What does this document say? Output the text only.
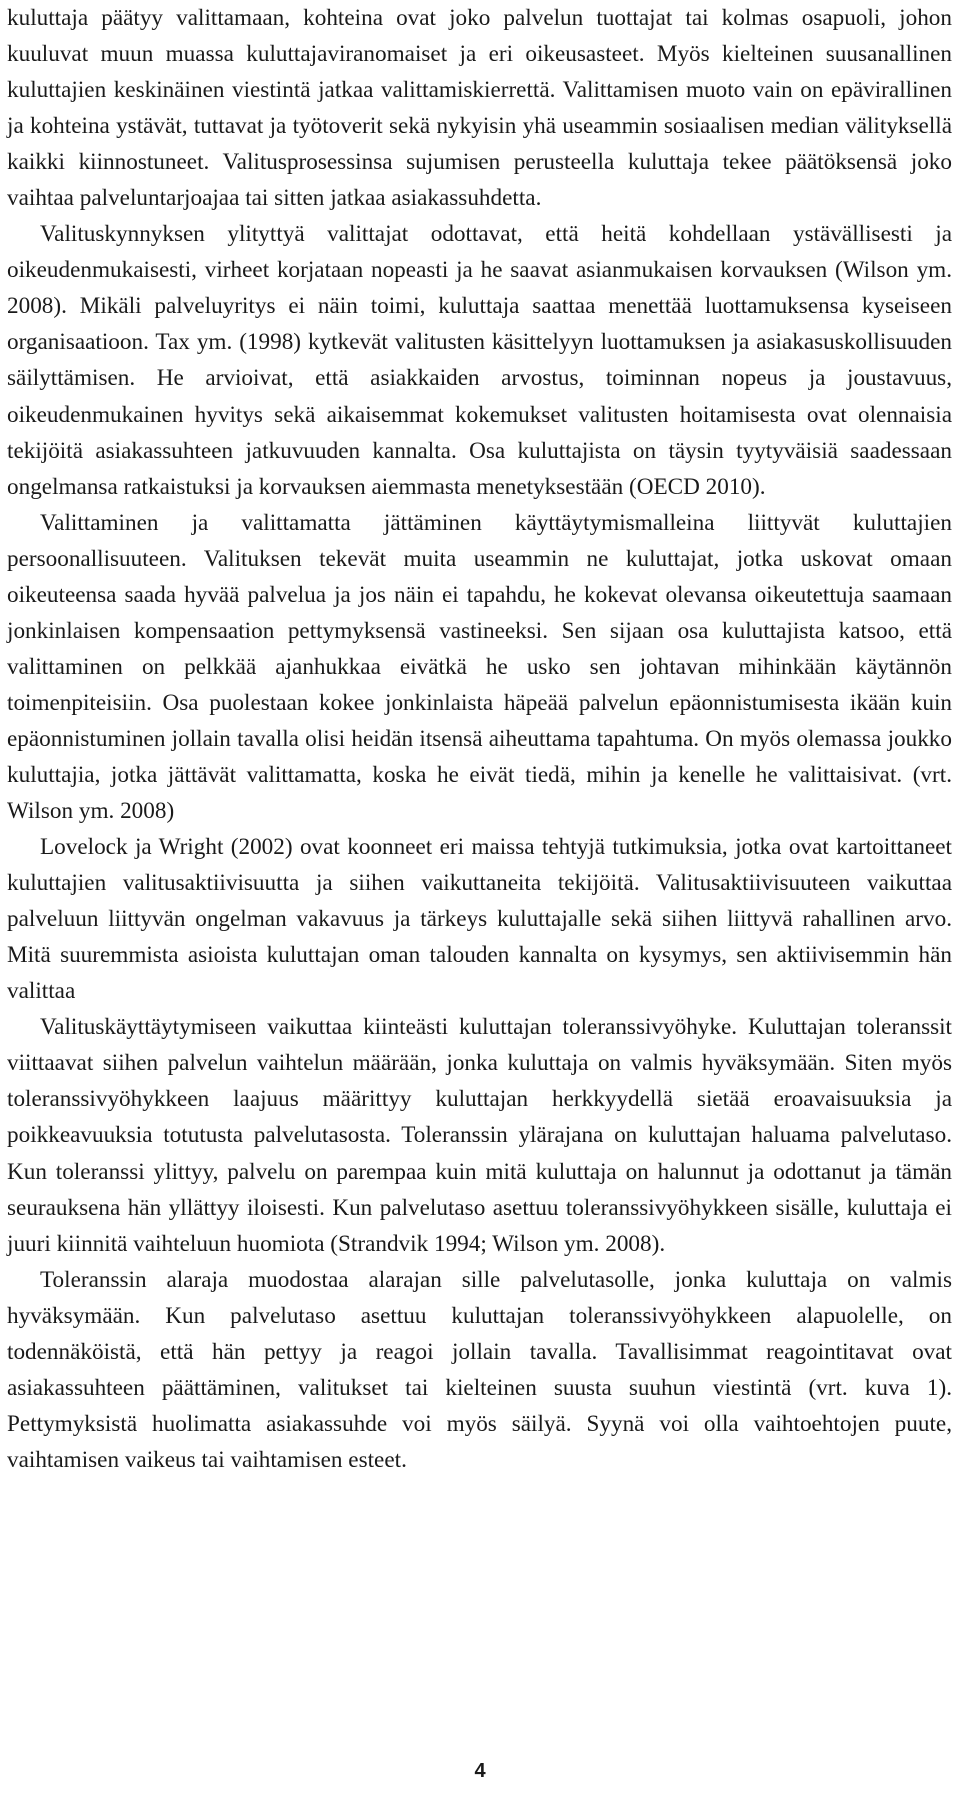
kuluttaja päätyy valittamaan, kohteina ovat joko palvelun tuottajat tai kolmas osapuoli, johon kuuluvat muun muassa kuluttajaviranomaiset ja eri oikeusasteet. Myös kielteinen suusanallinen kuluttajien keskinäinen viestintä jatkaa valittamiskierrettä. Valittamisen muoto vain on epävirallinen ja kohteina ystävät, tuttavat ja työtoverit sekä nykyisin yhä useammin sosiaalisen median välityksellä kaikki kiinnostuneet. Valitusprosessinsa sujumisen perusteella kuluttaja tekee päätöksensä joko vaihtaa palveluntarjoajaa tai sitten jatkaa asiakassuhdetta.

Valituskynnyksen ylityttyä valittajat odottavat, että heitä kohdellaan ystävällisesti ja oikeudenmukaisesti, virheet korjataan nopeasti ja he saavat asianmukaisen korvauksen (Wilson ym. 2008). Mikäli palveluyritys ei näin toimi, kuluttaja saattaa menettää luottamuksensa kyseiseen organisaatioon. Tax ym. (1998) kytkevät valitusten käsittelyyn luottamuksen ja asiakasuskollisuuden säilyttämisen. He arvioivat, että asiakkaiden arvostus, toiminnan nopeus ja joustavuus, oikeudenmukainen hyvitys sekä aikaisemmat kokemukset valitusten hoitamisesta ovat olennaisia tekijöitä asiakassuhteen jatkuvuuden kannalta. Osa kuluttajista on täysin tyytyväisiä saadessaan ongelmansa ratkaistuksi ja korvauksen aiemmasta menetyksestään (OECD 2010).

Valittaminen ja valittamatta jättäminen käyttäytymismalleina liittyvät kuluttajien persoonallisuuteen. Valituksen tekevät muita useammin ne kuluttajat, jotka uskovat omaan oikeuteensa saada hyvää palvelua ja jos näin ei tapahdu, he kokevat olevansa oikeutettuja saamaan jonkinlaisen kompensaation pettymyksensä vastineeksi. Sen sijaan osa kuluttajista katsoo, että valittaminen on pelkkää ajanhukkaa eivätkä he usko sen johtavan mihinkään käytännön toimenpiteisiin. Osa puolestaan kokee jonkinlaista häpeää palvelun epäonnistumisesta ikään kuin epäonnistuminen jollain tavalla olisi heidän itsensä aiheuttama tapahtuma. On myös olemassa joukko kuluttajia, jotka jättävät valittamatta, koska he eivät tiedä, mihin ja kenelle he valittaisivat. (vrt. Wilson ym. 2008)

Lovelock ja Wright (2002) ovat koonneet eri maissa tehtyjä tutkimuksia, jotka ovat kartoittaneet kuluttajien valitusaktiivisuutta ja siihen vaikuttaneita tekijöitä. Valitusaktiivisuuteen vaikuttaa palveluun liittyvän ongelman vakavuus ja tärkeys kuluttajalle sekä siihen liittyvä rahallinen arvo. Mitä suuremmista asioista kuluttajan oman talouden kannalta on kysymys, sen aktiivisemmin hän valittaa

Valituskäyttäytymiseen vaikuttaa kiinteästi kuluttajan toleranssivyöhyke. Kuluttajan toleranssit viittaavat siihen palvelun vaihtelun määrään, jonka kuluttaja on valmis hyväksymään. Siten myös toleranssivyöhykkeen laajuus määrittyy kuluttajan herkkyydellä sietää eroavaisuuksia ja poikkeavuuksia totutusta palvelutasosta. Toleranssin ylärajana on kuluttajan haluama palvelutaso. Kun toleranssi ylittyy, palvelu on parempaa kuin mitä kuluttaja on halunnut ja odottanut ja tämän seurauksena hän yllättyy iloisesti. Kun palvelutaso asettuu toleranssivyöhykkeen sisälle, kuluttaja ei juuri kiinnitä vaihteluun huomiota (Strandvik 1994; Wilson ym. 2008).

Toleranssin alaraja muodostaa alarajan sille palvelutasolle, jonka kuluttaja on valmis hyväksymään. Kun palvelutaso asettuu kuluttajan toleranssivyöhykkeen alapuolelle, on todennäköistä, että hän pettyy ja reagoi jollain tavalla. Tavallisimmat reagointitavat ovat asiakassuhteen päättäminen, valitukset tai kielteinen suusta suuhun viestintä (vrt. kuva 1). Pettymyksistä huolimatta asiakassuhde voi myös säilyä. Syynä voi olla vaihtoehtojen puute, vaihtamisen vaikeus tai vaihtamisen esteet.

4
